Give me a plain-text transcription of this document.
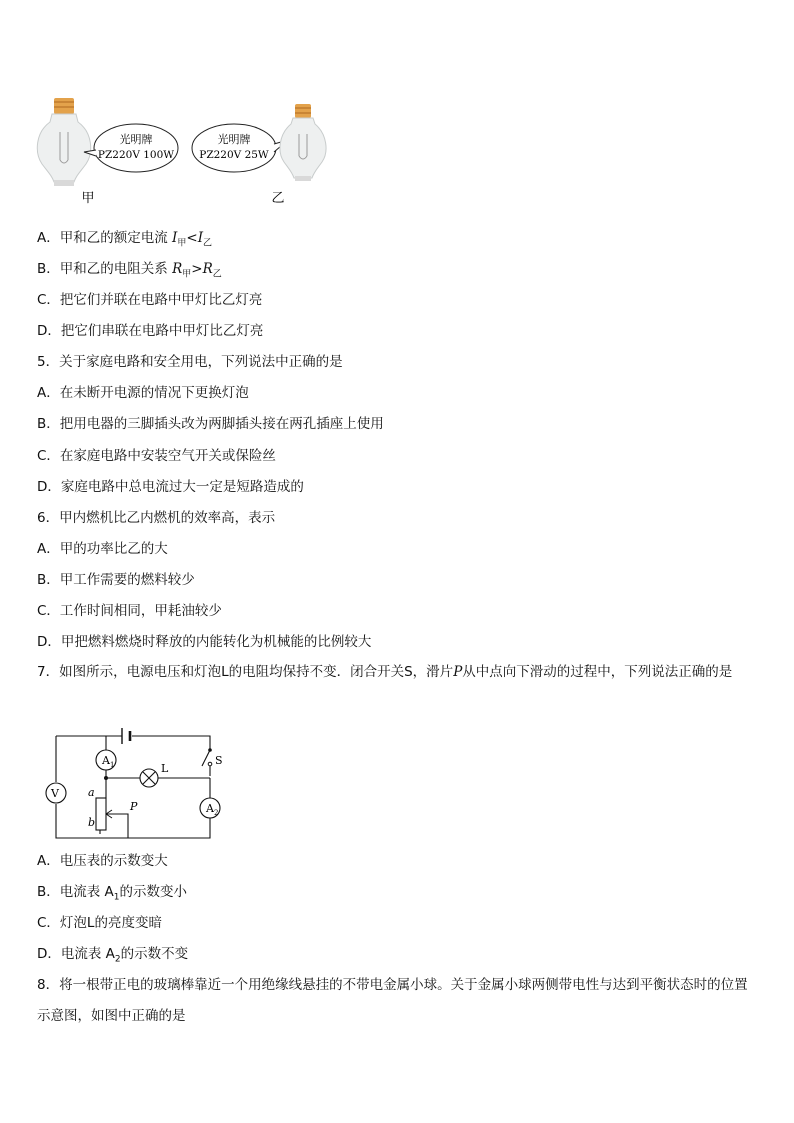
光明牌
PZ220V 100W
甲
光明牌
PZ220V 25W
乙
A．甲和乙的额定电流 $I_甲<I_乙$
B．甲和乙的电阻关系 $R_甲>R_乙$
C．把它们并联在电路中甲灯比乙灯亮
D．把它们串联在电路中甲灯比乙灯亮
5．关于家庭电路和安全用电，下列说法中正确的是
A．在未断开电源的情况下更换灯泡
B．把用电器的三脚插头改为两脚插头接在两孔插座上使用
C．在家庭电路中安装空气开关或保险丝
D．家庭电路中总电流过大一定是短路造成的
6．甲内燃机比乙内燃机的效率高，表示
A．甲的功率比乙的大
B．甲工作需要的燃料较少
C．工作时间相同，甲耗油较少
D．甲把燃料燃烧时释放的内能转化为机械能的比例较大
7．如图所示，电源电压和灯泡L的电阻均保持不变．闭合开关S，滑片P从中点向下滑动的过程中，下列说法正确的是
A 1	L
S
V
A 2
a
b
P
A．电压表的示数变大
B．电流表 $A_1$的示数变小
C．灯泡L的亮度变暗
D．电流表 $A_2$的示数不变
8．将一根带正电的玻璃棒靠近一个用绝缘线悬挂的不带电金属小球。关于金属小球两侧带电性与达到平衡状态时的位置示意图，如图中正确的是
